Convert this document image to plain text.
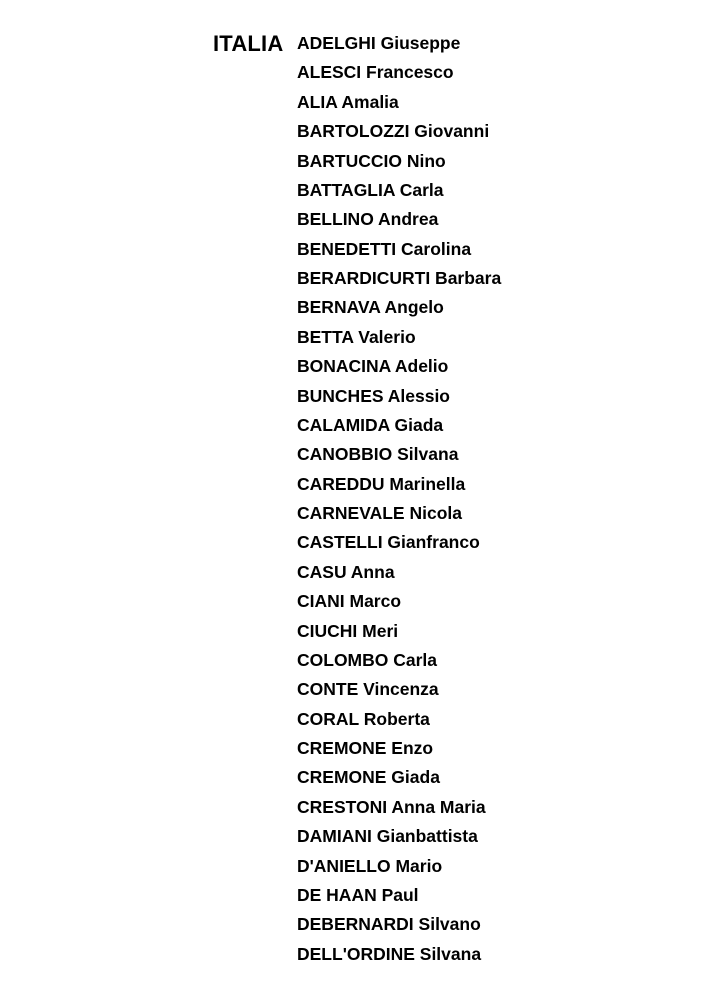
ITALIA ADELGHI Giuseppe
ALESCI Francesco
ALIA Amalia
BARTOLOZZI Giovanni
BARTUCCIO Nino
BATTAGLIA Carla
BELLINO Andrea
BENEDETTI Carolina
BERARDICURTI Barbara
BERNAVA Angelo
BETTA Valerio
BONACINA Adelio
BUNCHES Alessio
CALAMIDA Giada
CANOBBIO Silvana
CAREDDU Marinella
CARNEVALE Nicola
CASTELLI Gianfranco
CASU Anna
CIANI Marco
CIUCHI Meri
COLOMBO Carla
CONTE Vincenza
CORAL Roberta
CREMONE Enzo
CREMONE Giada
CRESTONI Anna Maria
DAMIANI Gianbattista
D'ANIELLO Mario
DE HAAN Paul
DEBERNARDI Silvano
DELL'ORDINE Silvana
